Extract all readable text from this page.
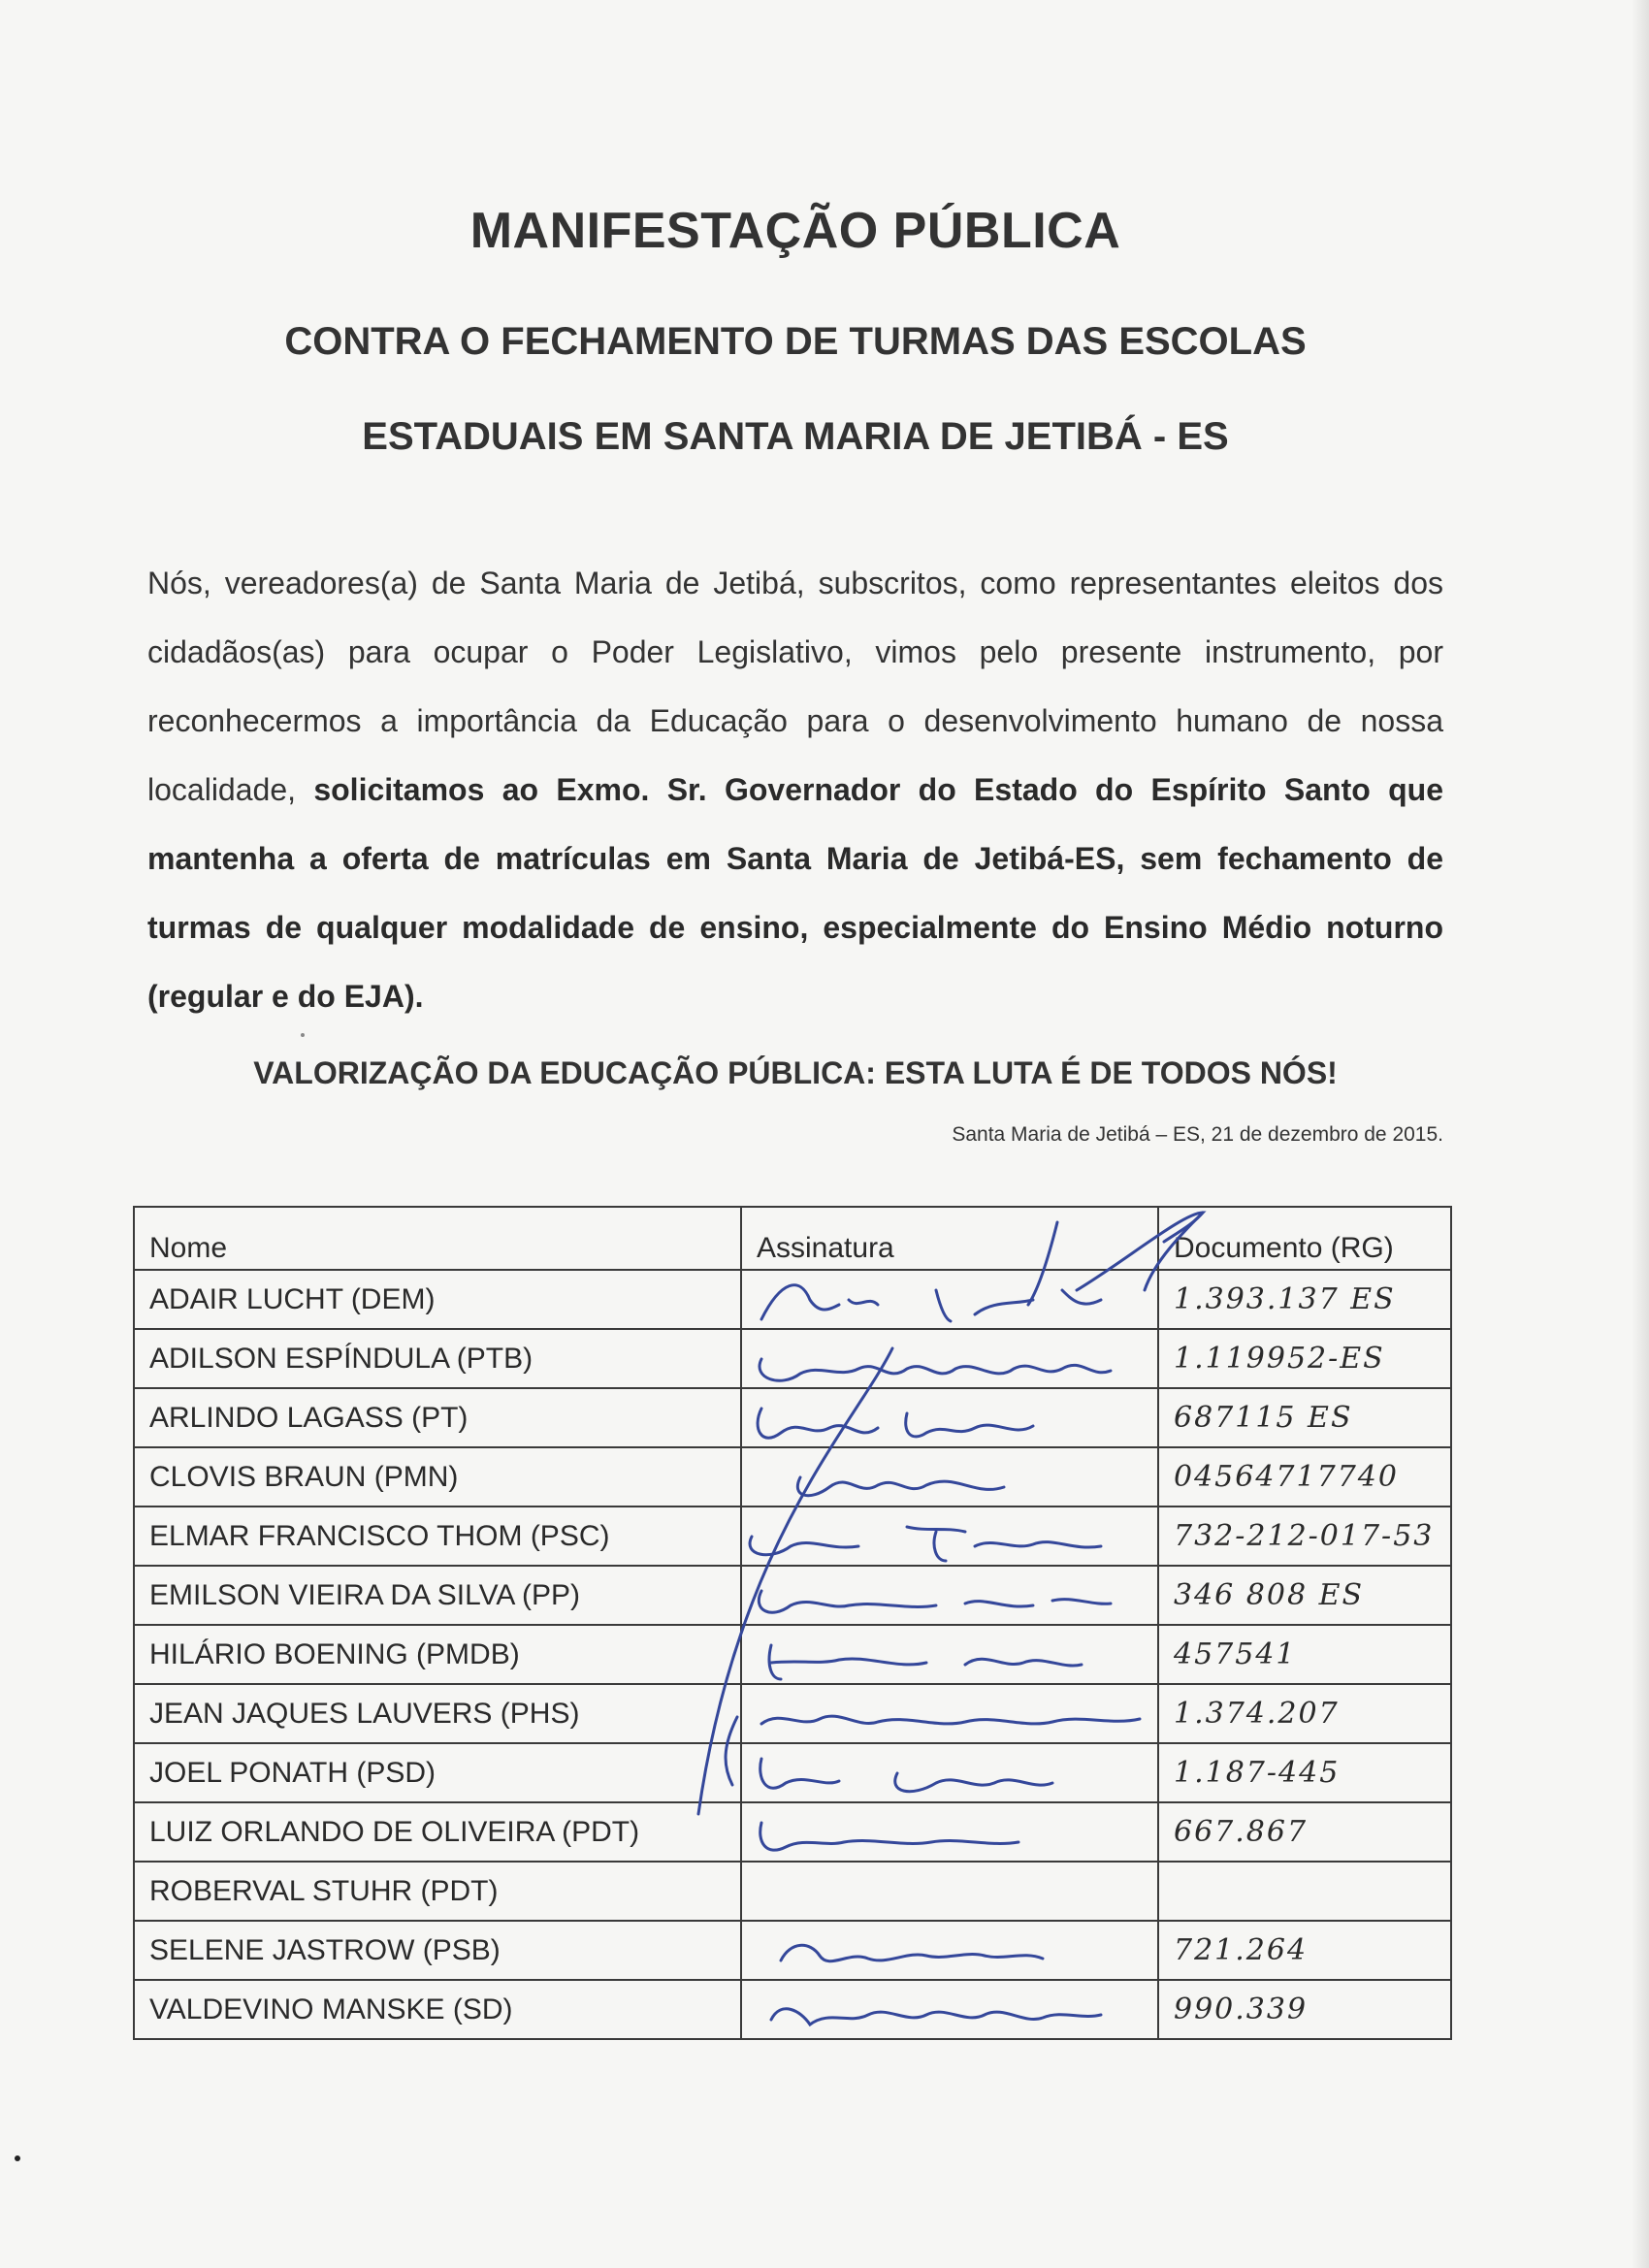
MANIFESTAÇÃO PÚBLICA
CONTRA O FECHAMENTO DE TURMAS DAS ESCOLAS
ESTADUAIS EM SANTA MARIA DE JETIBÁ - ES
Nós, vereadores(a) de Santa Maria de Jetibá, subscritos, como representantes eleitos dos cidadãos(as) para ocupar o Poder Legislativo, vimos pelo presente instrumento, por reconhecermos a importância da Educação para o desenvolvimento humano de nossa localidade, solicitamos ao Exmo. Sr. Governador do Estado do Espírito Santo que mantenha a oferta de matrículas em Santa Maria de Jetibá-ES, sem fechamento de turmas de qualquer modalidade de ensino, especialmente do Ensino Médio noturno (regular e do EJA).
VALORIZAÇÃO DA EDUCAÇÃO PÚBLICA: ESTA LUTA É DE TODOS NÓS!
Santa Maria de Jetibá – ES, 21 de dezembro de 2015.
Nome	Assinatura	Documento (RG)
ADAIR LUCHT (DEM)		1.393.137 ES
ADILSON ESPÍNDULA (PTB)		1.119952-ES
ARLINDO LAGASS (PT)		687115 ES
CLOVIS BRAUN (PMN)		04564717740
ELMAR FRANCISCO THOM (PSC)		732-212-017-53
EMILSON VIEIRA DA SILVA (PP)		346 808 ES
HILÁRIO BOENING (PMDB)		457541
JEAN JAQUES LAUVERS (PHS)		1.374.207
JOEL PONATH (PSD)		1.187-445
LUIZ ORLANDO DE OLIVEIRA (PDT)		667.867
ROBERVAL STUHR (PDT)		
SELENE JASTROW (PSB)		721.264
VALDEVINO MANSKE (SD)		990.339
